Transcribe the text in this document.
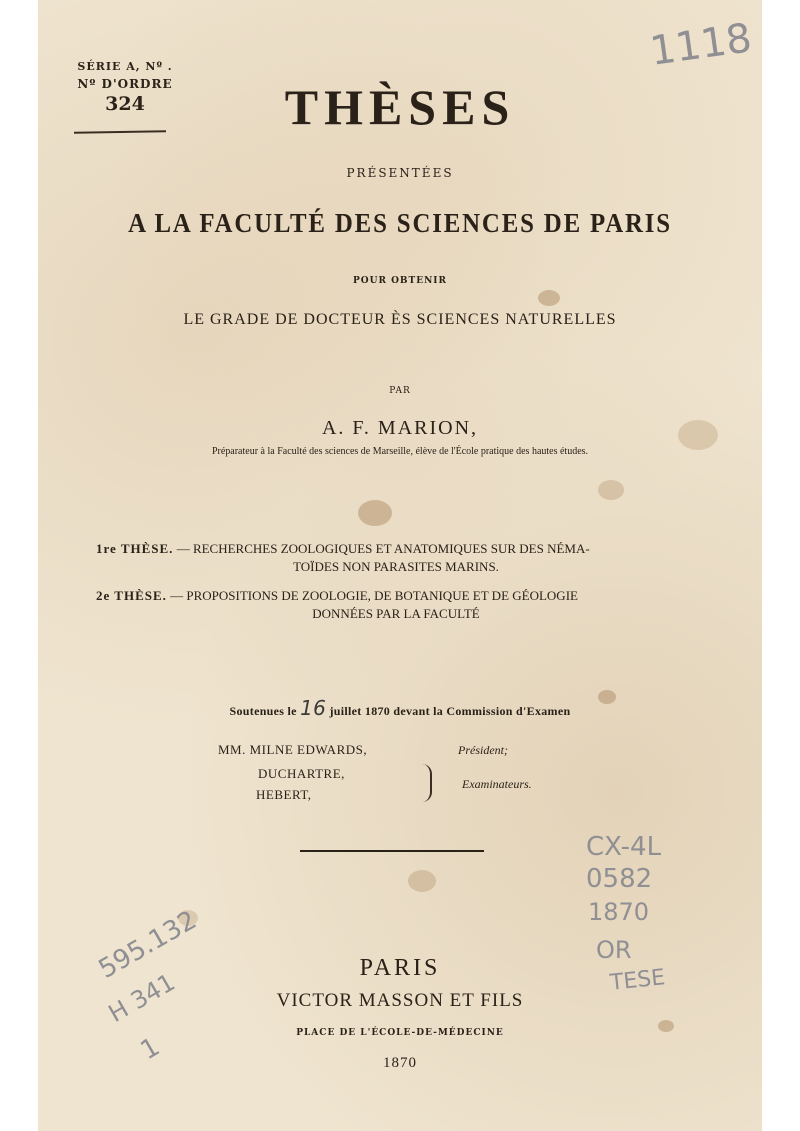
SÉRIE A, Nº .
Nº D'ORDRE
324
1118
CX-4L
0582
1870
OR
TESE
595.132
H 341
1
THÈSES
PRÉSENTÉES
A LA FACULTÉ DES SCIENCES DE PARIS
POUR OBTENIR
LE GRADE DE DOCTEUR ÈS SCIENCES NATURELLES
PAR
A. F. MARION,
Préparateur à la Faculté des sciences de Marseille, élève de l'École pratique des hautes études.
1re THÈSE. — RECHERCHES ZOOLOGIQUES ET ANATOMIQUES SUR DES NÉMA-
TOÏDES NON PARASITES MARINS.
2e THÈSE. — PROPOSITIONS DE ZOOLOGIE, DE BOTANIQUE ET DE GÉOLOGIE
DONNÉES PAR LA FACULTÉ
Soutenues le 16 juillet 1870 devant la Commission d'Examen
MM. MILNE EDWARDS,
DUCHARTRE,
HEBERT,
Président;
Examinateurs.
PARIS
VICTOR MASSON ET FILS
PLACE DE L'ÉCOLE-DE-MÉDECINE
1870
